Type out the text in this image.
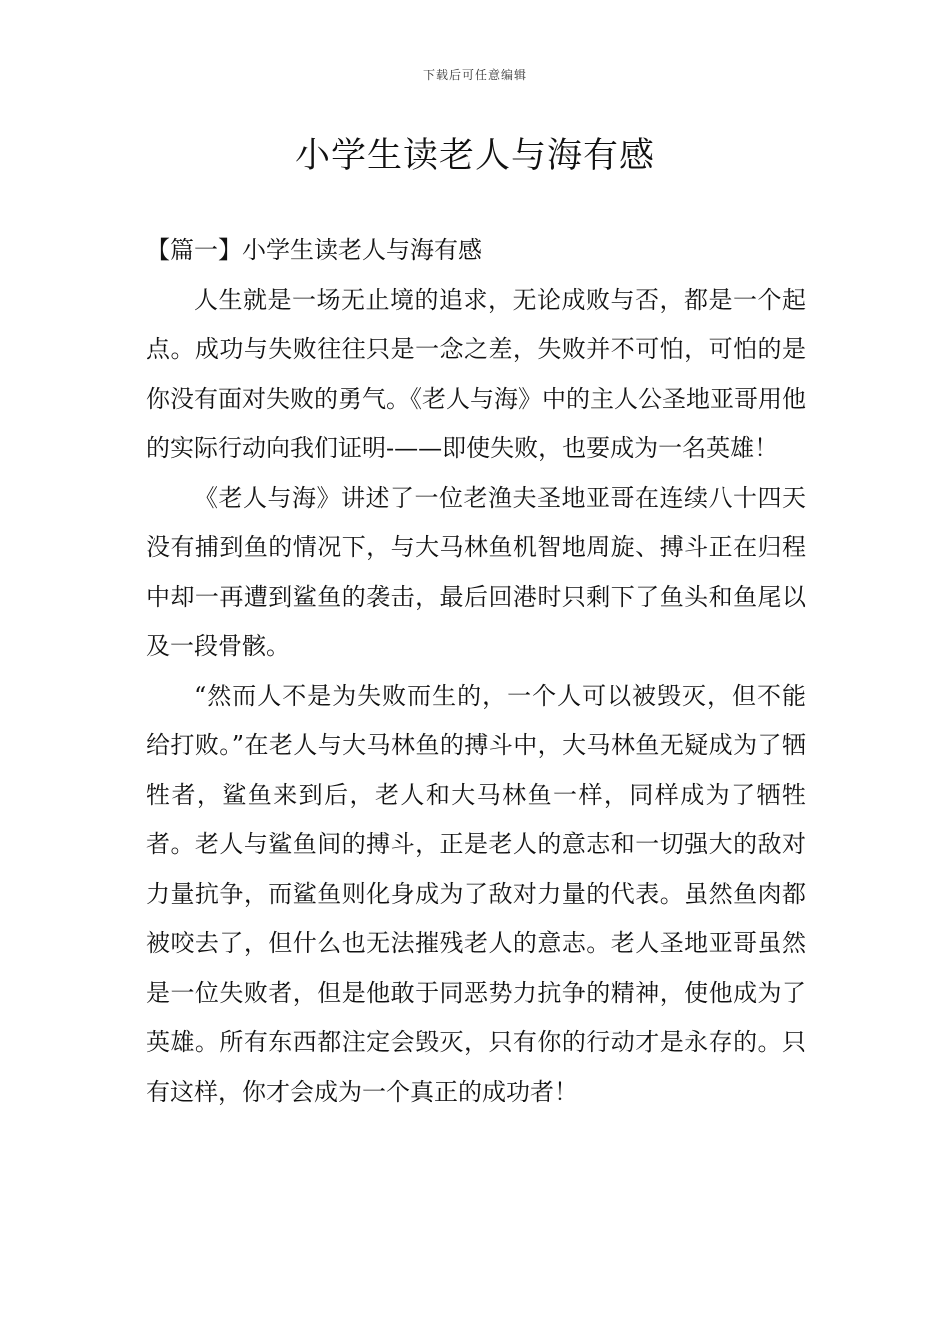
下载后可任意编辑
小学生读老人与海有感
【篇一】小学生读老人与海有感

人生就是一场无止境的追求，无论成败与否，都是一个起点。成功与失败往往只是一念之差，失败并不可怕，可怕的是你没有面对失败的勇气。《老人与海》中的主人公圣地亚哥用他的实际行动向我们证明-——即使失败，也要成为一名英雄！

《老人与海》讲述了一位老渔夫圣地亚哥在连续八十四天没有捕到鱼的情况下，与大马林鱼机智地周旋、搏斗正在归程中却一再遭到鲨鱼的袭击，最后回港时只剩下了鱼头和鱼尾以及一段骨骸。

“然而人不是为失败而生的，一个人可以被毁灭，但不能给打败。”在老人与大马林鱼的搏斗中，大马林鱼无疑成为了牺牲者，鲨鱼来到后，老人和大马林鱼一样，同样成为了牺牲者。老人与鲨鱼间的搏斗，正是老人的意志和一切强大的敌对力量抗争，而鲨鱼则化身成为了敌对力量的代表。虽然鱼肉都被咬去了，但什么也无法摧残老人的意志。老人圣地亚哥虽然是一位失败者，但是他敢于同恶势力抗争的精神，使他成为了英雄。所有东西都注定会毁灭，只有你的行动才是永存的。只有这样，你才会成为一个真正的成功者！
